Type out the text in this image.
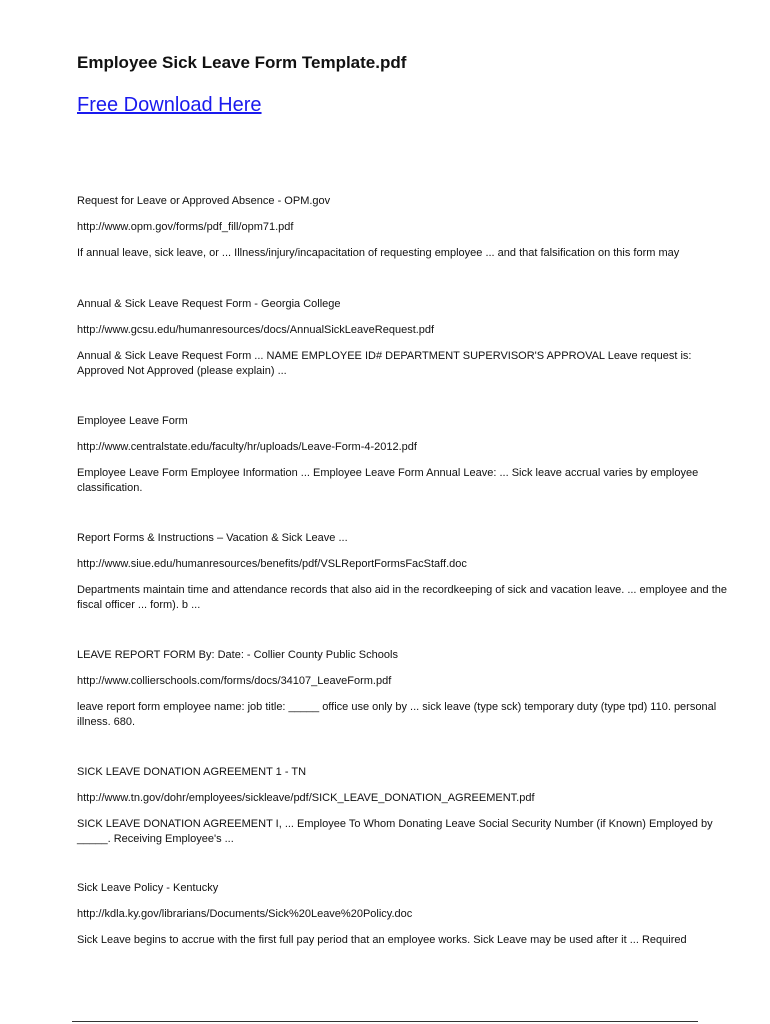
Employee Sick Leave Form Template.pdf
Free Download Here

Request for Leave or Approved Absence - OPM.gov

http://www.opm.gov/forms/pdf_fill/opm71.pdf

If annual leave, sick leave, or ... Illness/injury/incapacitation of requesting employee ... and that falsification on this form may

Annual & Sick Leave Request Form - Georgia College

http://www.gcsu.edu/humanresources/docs/AnnualSickLeaveRequest.pdf

Annual & Sick Leave Request Form ... NAME EMPLOYEE ID# DEPARTMENT SUPERVISOR'S APPROVAL Leave request is: Approved Not Approved (please explain) ...

Employee Leave Form

http://www.centralstate.edu/faculty/hr/uploads/Leave-Form-4-2012.pdf

Employee Leave Form Employee Information ... Employee Leave Form Annual Leave: ... Sick leave accrual varies by employee classification.

Report Forms & Instructions – Vacation & Sick Leave ...

http://www.siue.edu/humanresources/benefits/pdf/VSLReportFormsFacStaff.doc

Departments maintain time and attendance records that also aid in the recordkeeping of sick and vacation leave. ... employee and the fiscal officer ... form). b ...

LEAVE REPORT FORM By: Date: - Collier County Public Schools

http://www.collierschools.com/forms/docs/34107_LeaveForm.pdf

leave report form employee name: job title: _____ office use only by ... sick leave (type sck) temporary duty (type tpd) 110. personal illness. 680.

SICK LEAVE DONATION AGREEMENT 1 - TN

http://www.tn.gov/dohr/employees/sickleave/pdf/SICK_LEAVE_DONATION_AGREEMENT.pdf

SICK LEAVE DONATION AGREEMENT I, ... Employee To Whom Donating Leave Social Security Number (if Known) Employed by _____. Receiving Employee's ...

Sick Leave Policy - Kentucky

http://kdla.ky.gov/librarians/Documents/Sick%20Leave%20Policy.doc

Sick Leave begins to accrue with the first full pay period that an employee works. Sick Leave may be used after it ... Required
